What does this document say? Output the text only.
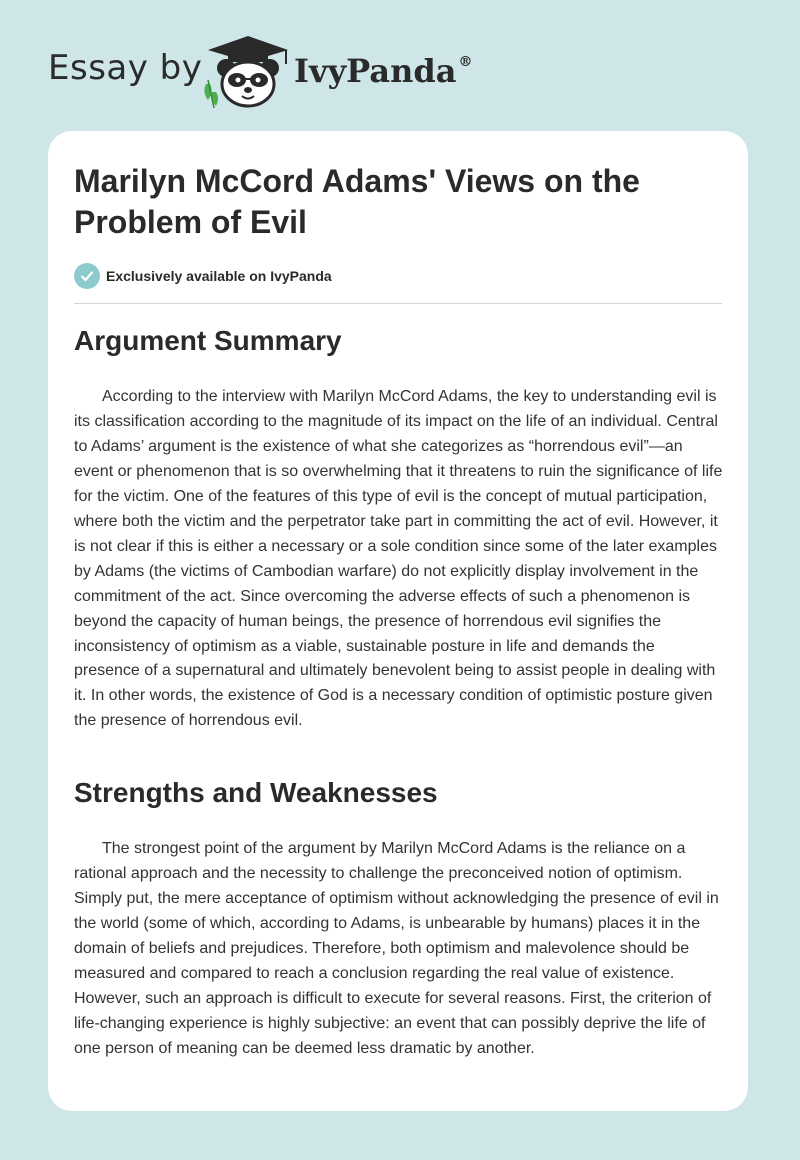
Essay by	IvyPanda ®
Marilyn McCord Adams' Views on the Problem of Evil
Exclusively available on IvyPanda
Argument Summary

According to the interview with Marilyn McCord Adams, the key to understanding evil is its classification according to the magnitude of its impact on the life of an individual. Central to Adams’ argument is the existence of what she categorizes as “horrendous evil”—an event or phenomenon that is so overwhelming that it threatens to ruin the significance of life for the victim. One of the features of this type of evil is the concept of mutual participation, where both the victim and the perpetrator take part in committing the act of evil. However, it is not clear if this is either a necessary or a sole condition since some of the later examples by Adams (the victims of Cambodian warfare) do not explicitly display involvement in the commitment of the act. Since overcoming the adverse effects of such a phenomenon is beyond the capacity of human beings, the presence of horrendous evil signifies the inconsistency of optimism as a viable, sustainable posture in life and demands the presence of a supernatural and ultimately benevolent being to assist people in dealing with it. In other words, the existence of God is a necessary condition of optimistic posture given the presence of horrendous evil.

Strengths and Weaknesses

The strongest point of the argument by Marilyn McCord Adams is the reliance on a rational approach and the necessity to challenge the preconceived notion of optimism. Simply put, the mere acceptance of optimism without acknowledging the presence of evil in the world (some of which, according to Adams, is unbearable by humans) places it in the domain of beliefs and prejudices. Therefore, both optimism and malevolence should be measured and compared to reach a conclusion regarding the real value of existence. However, such an approach is difficult to execute for several reasons. First, the criterion of life-changing experience is highly subjective: an event that can possibly deprive the life of one person of meaning can be deemed less dramatic by another.
